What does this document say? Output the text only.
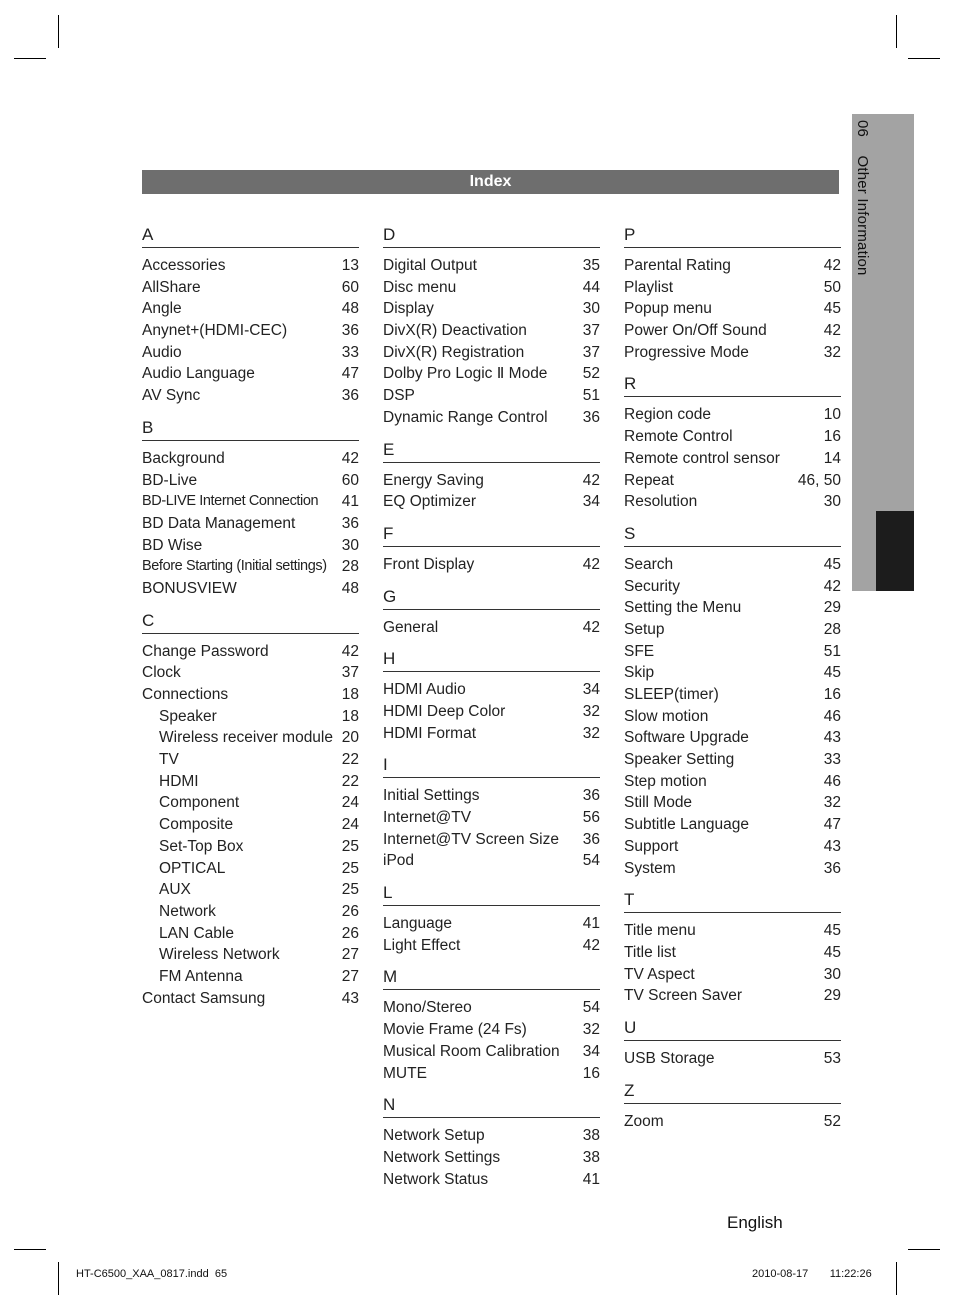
06 Other Information
Index
A
Accessories	13
AllShare	60
Angle	48
Anynet+(HDMI-CEC)	36
Audio	33
Audio Language	47
AV Sync	36
B
Background	42
BD-Live	60
BD-LIVE Internet Connection 41
BD Data Management	36
BD Wise	30
Before Starting (Initial settings) 28
BONUSVIEW	48
C
Change Password	42
Clock	37
Connections	18
Speaker	18
Wireless receiver module 20
TV	22
HDMI	22
Component	24
Composite	24
Set-Top Box	25
OPTICAL	25
AUX	25
Network	26
LAN Cable	26
Wireless Network	27
FM Antenna	27
Contact Samsung	43
D
Digital Output	35
Disc menu	44
Display	30
DivX(R) Deactivation	37
DivX(R) Registration	37
Dolby Pro Logic Ⅱ Mode 52
DSP	51
Dynamic Range Control 36
E
Energy Saving	42
EQ Optimizer	34
F
Front Display	42
G
General	42
H
HDMI Audio	34
HDMI Deep Color	32
HDMI Format	32
I
Initial Settings	36
Internet@TV	56
Internet@TV Screen Size 36
iPod	54
L
Language	41
Light Effect	42
M
Mono/Stereo	54
Movie Frame (24 Fs)	32
Musical Room Calibration 34
MUTE	16
N
Network Setup	38
Network Settings	38
Network Status	41
P
Parental Rating	42
Playlist	50
Popup menu	45
Power On/Off Sound	42
Progressive Mode	32
R
Region code	10
Remote Control	16
Remote control sensor	14
Repeat	46, 50
Resolution	30
S
Search	45
Security	42
Setting the Menu	29
Setup	28
SFE	51
Skip	45
SLEEP(timer)	16
Slow motion	46
Software Upgrade	43
Speaker Setting	33
Step motion	46
Still Mode	32
Subtitle Language	47
Support	43
System	36
T
Title menu	45
Title list	45
TV Aspect	30
TV Screen Saver	29
U
USB Storage	53
Z
Zoom	52
English
HT-C6500_XAA_0817.indd 65	2010-08-17 11:22:26
